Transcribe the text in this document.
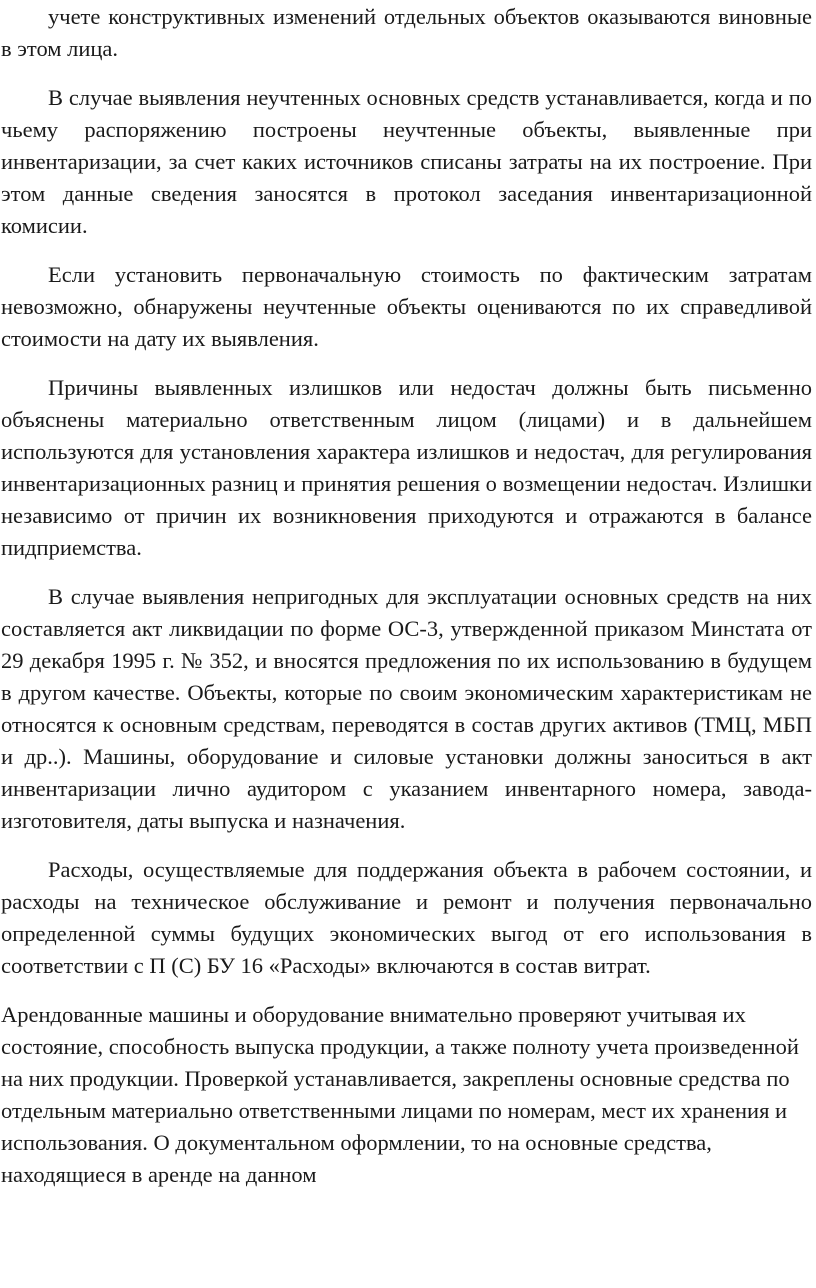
учете конструктивных изменений отдельных объектов оказываются виновные в этом лица.

В случае выявления неучтенных основных средств устанавливается, когда и по чьему распоряжению построены неучтенные объекты, выявленные при инвентаризации, за счет каких источников списаны затраты на их построение. При этом данные сведения заносятся в протокол заседания инвентаризационной комисии.

Если установить первоначальную стоимость по фактическим затратам невозможно, обнаружены неучтенные объекты оцениваются по их справедливой стоимости на дату их выявления.

Причины выявленных излишков или недостач должны быть письменно объяснены материально ответственным лицом (лицами) и в дальнейшем используются для установления характера излишков и недостач, для регулирования инвентаризационных разниц и принятия решения о возмещении недостач. Излишки независимо от причин их возникновения приходуются и отражаются в балансе пидприемства.

В случае выявления непригодных для эксплуатации основных средств на них составляется акт ликвидации по форме ОС-3, утвержденной приказом Минстата от 29 декабря 1995 г. № 352, и вносятся предложения по их использованию в будущем в другом качестве. Объекты, которые по своим экономическим характеристикам не относятся к основным средствам, переводятся в состав других активов (ТМЦ, МБП и др..). Машины, оборудование и силовые установки должны заноситься в акт инвентаризации лично аудитором с указанием инвентарного номера, завода-изготовителя, даты выпуска и назначения.

Расходы, осуществляемые для поддержания объекта в рабочем состоянии, и расходы на техническое обслуживание и ремонт и получения первоначально определенной суммы будущих экономических выгод от его использования в соответствии с П (С) БУ 16 «Расходы» включаются в состав витрат.

Арендованные машины и оборудование внимательно проверяют учитывая их состояние, способность выпуска продукции, а также полноту учета произведенной на них продукции. Проверкой устанавливается, закреплены основные средства по отдельным материально ответственными лицами по номерам, мест их хранения и использования. О документальном оформлении, то на основные средства, находящиеся в аренде на данном
